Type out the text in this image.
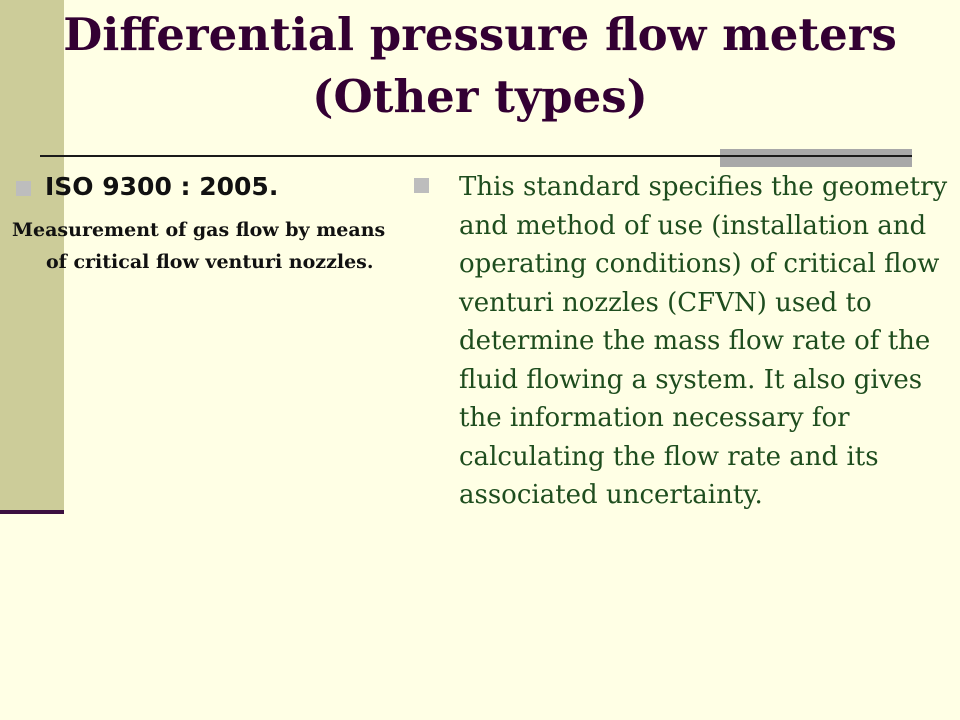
Differential pressure flow meters
(Other types)
ISO 9300 : 2005.
Measurement of gas flow by means of critical flow venturi nozzles.
This standard specifies the geometry and method of use (installation and operating conditions) of critical flow venturi nozzles (CFVN) used to determine the mass flow rate of the fluid flowing a system. It also gives the information necessary for calculating the flow rate and its associated uncertainty.
